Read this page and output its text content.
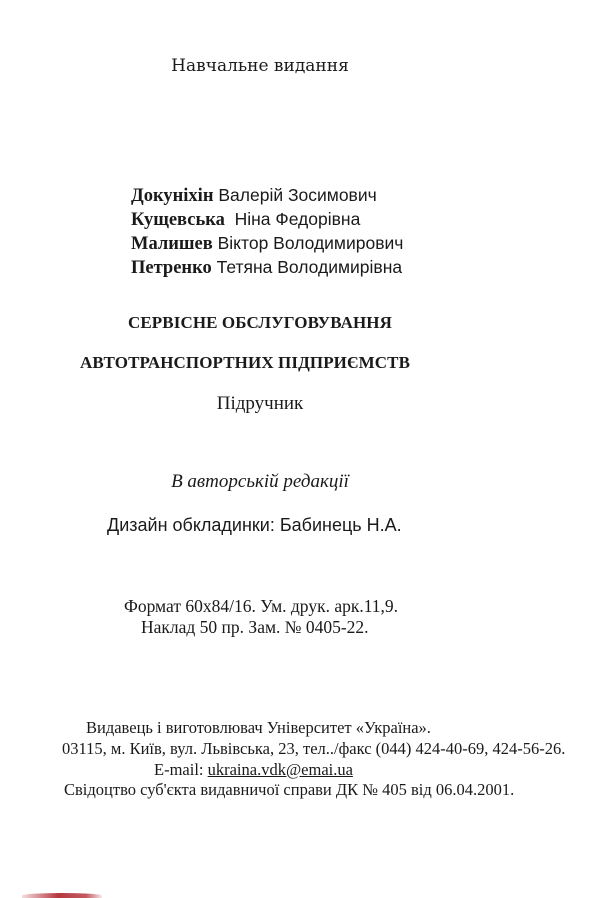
Навчальне видання
Докуніхін Валерій Зосимович
Кущевська Ніна Федорівна
Малишев Віктор Володимирович
Петренко Тетяна Володимирівна
СЕРВІСНЕ ОБСЛУГОВУВАННЯ
АВТОТРАНСПОРТНИХ ПІДПРИЄМСТВ
Підручник
В авторській редакції
Дизайн обкладинки: Бабинець Н.А.
Формат 60х84/16. Ум. друк. арк.11,9.
Наклад 50 пр. Зам. № 0405-22.
Видавець і виготовлювач Університет «Україна».
03115, м. Київ, вул. Львівська, 23, тел../факс (044) 424-40-69, 424-56-26.
E-mail: ukraina.vdk@emai.ua
Свідоцтво суб'єкта видавничої справи ДК № 405 від 06.04.2001.
